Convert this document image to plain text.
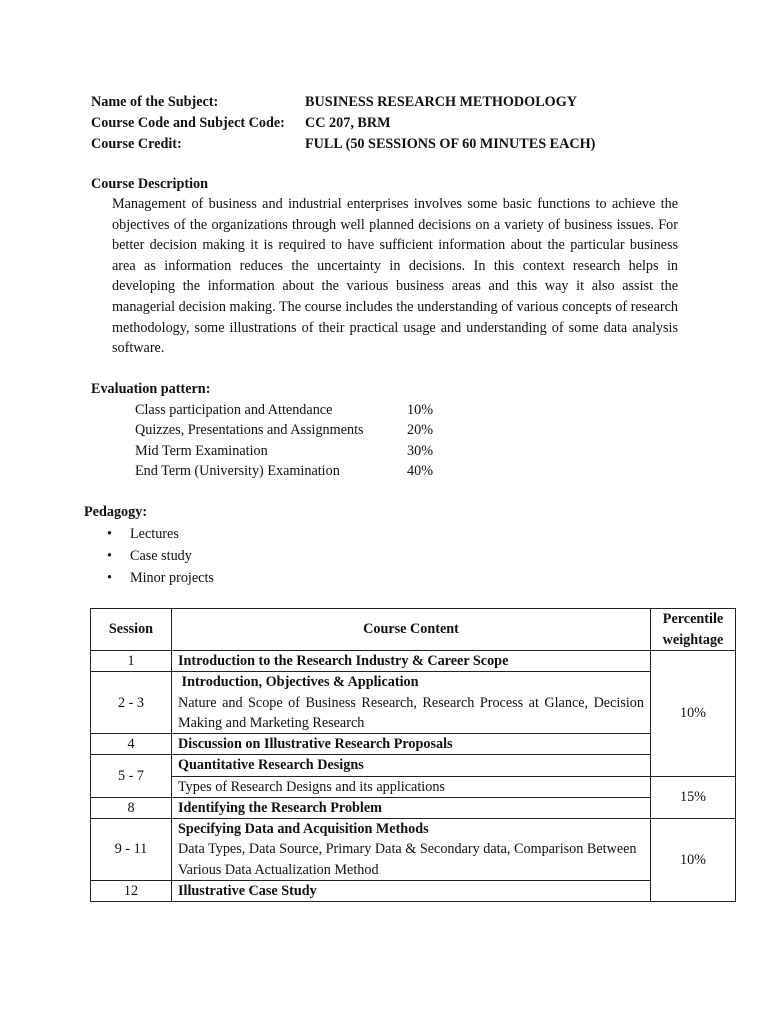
Name of the Subject:	BUSINESS RESEARCH METHODOLOGY
Course Code and Subject Code: CC 207, BRM
Course Credit:	FULL (50 SESSIONS OF 60 MINUTES EACH)
Course Description

Management of business and industrial enterprises involves some basic functions to achieve the objectives of the organizations through well planned decisions on a variety of business issues. For better decision making it is required to have sufficient information about the particular business area as information reduces the uncertainty in decisions. In this context research helps in developing the information about the various business areas and this way it also assist the managerial decision making. The course includes the understanding of various concepts of research methodology, some illustrations of their practical usage and understanding of some data analysis software.

Evaluation pattern:
Class participation and Attendance	10%
Quizzes, Presentations and Assignments	20%
Mid Term Examination	30%
End Term (University) Examination	40%
Pedagogy:
• Lectures
• Case study
• Minor projects
Session	Course Content	Percentile
weightage
1	Introduction to the Research Industry & Career Scope	10%
2 - 3	Introduction, Objectives & Application
Nature and Scope of Business Research, Research Process at Glance, Decision Making and Marketing Research	

4	Discussion on Illustrative Research Proposals	
5 - 7	Quantitative Research Designs	
	Types of Research Designs and its applications	15%
8	Identifying the Research Problem	
9 - 11	Specifying Data and Acquisition Methods
Data Types, Data Source, Primary Data & Secondary data, Comparison Between Various Data Actualization Method	10%
12	Illustrative Case Study	
